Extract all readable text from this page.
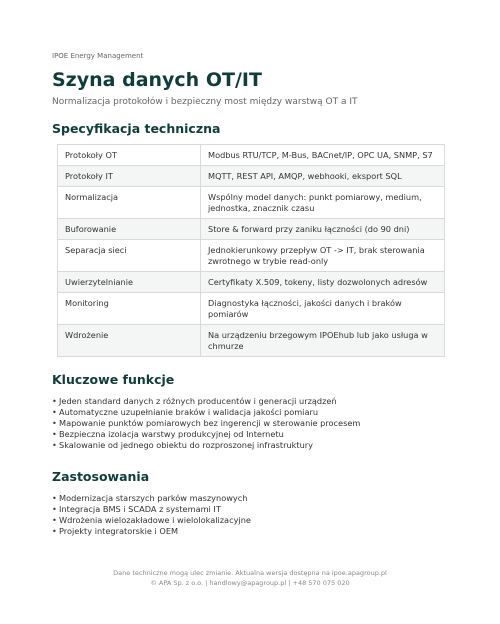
IPOE Energy Management

Szyna danych OT/IT

Normalizacja protokołów i bezpieczny most między warstwą OT a IT

Specyfikacja techniczna
Protokoły OT	Modbus RTU/TCP, M-Bus, BACnet/IP, OPC UA, SNMP, S7
Protokoły IT	MQTT, REST API, AMQP, webhooki, eksport SQL
Normalizacja	Wspólny model danych: punkt pomiarowy, medium, jednostka, znacznik czasu
Buforowanie	Store & forward przy zaniku łączności (do 90 dni)
Separacja sieci	Jednokierunkowy przepływ OT -> IT, brak sterowania zwrotnego w trybie read-only
Uwierzytelnianie	Certyfikaty X.509, tokeny, listy dozwolonych adresów
Monitoring	Diagnostyka łączności, jakości danych i braków pomiarów
Wdrożenie	Na urządzeniu brzegowym IPOEhub lub jako usługa w chmurze
Kluczowe funkcje
• Jeden standard danych z różnych producentów i generacji urządzeń
• Automatyczne uzupełnianie braków i walidacja jakości pomiaru
• Mapowanie punktów pomiarowych bez ingerencji w sterowanie procesem
• Bezpieczna izolacja warstwy produkcyjnej od Internetu
• Skalowanie od jednego obiektu do rozproszonej infrastruktury
Zastosowania
• Modernizacja starszych parków maszynowych
• Integracja BMS i SCADA z systemami IT
• Wdrożenia wielozakładowe i wielolokalizacyjne
• Projekty integratorskie i OEM

Dane techniczne mogą ulec zmianie. Aktualna wersja dostępna na ipoe.apagroup.pl

© APA Sp. z o.o. | handlowy@apagroup.pl | +48 570 075 020
